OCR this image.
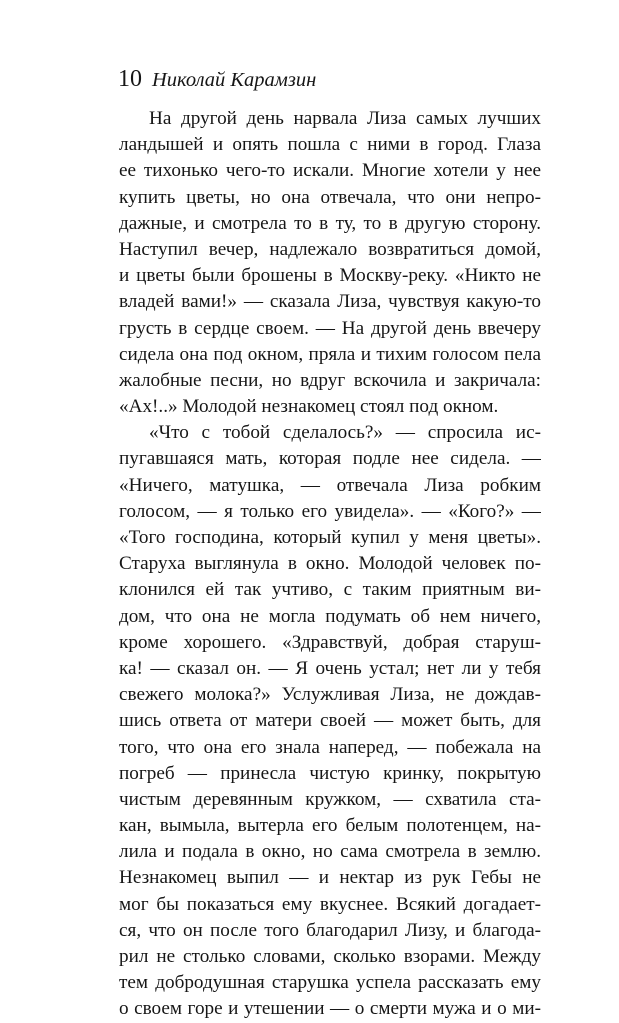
10 Николай Карамзин
На другой день нарвала Лиза самых лучших
ландышей и опять пошла с ними в город. Глаза
ее тихонько чего-то искали. Многие хотели у нее
купить цветы, но она отвечала, что они непро-
дажные, и смотрела то в ту, то в другую сторону.
Наступил вечер, надлежало возвратиться домой,
и цветы были брошены в Москву-реку. «Никто не
владей вами!» — сказала Лиза, чувствуя какую-то
грусть в сердце своем. — На другой день ввечеру
сидела она под окном, пряла и тихим голосом пела
жалобные песни, но вдруг вскочила и закричала:
«Ах!..» Молодой незнакомец стоял под окном.
«Что с тобой сделалось?» — спросила ис-
пугавшаяся мать, которая подле нее сидела. —
«Ничего, матушка, — отвечала Лиза робким
голосом, — я только его увидела». — «Кого?» —
«Того господина, который купил у меня цветы».
Старуха выглянула в окно. Молодой человек по-
клонился ей так учтиво, с таким приятным ви-
дом, что она не могла подумать об нем ничего,
кроме хорошего. «Здравствуй, добрая старуш-
ка! — сказал он. — Я очень устал; нет ли у тебя
свежего молока?» Услужливая Лиза, не дождав-
шись ответа от матери своей — может быть, для
того, что она его знала наперед, — побежала на
погреб — принесла чистую кринку, покрытую
чистым деревянным кружком, — схватила ста-
кан, вымыла, вытерла его белым полотенцем, на-
лила и подала в окно, но сама смотрела в землю.
Незнакомец выпил — и нектар из рук Гебы не
мог бы показаться ему вкуснее. Всякий догадает-
ся, что он после того благодарил Лизу, и благода-
рил не столько словами, сколько взорами. Между
тем добродушная старушка успела рассказать ему
о своем горе и утешении — о смерти мужа и о ми-
